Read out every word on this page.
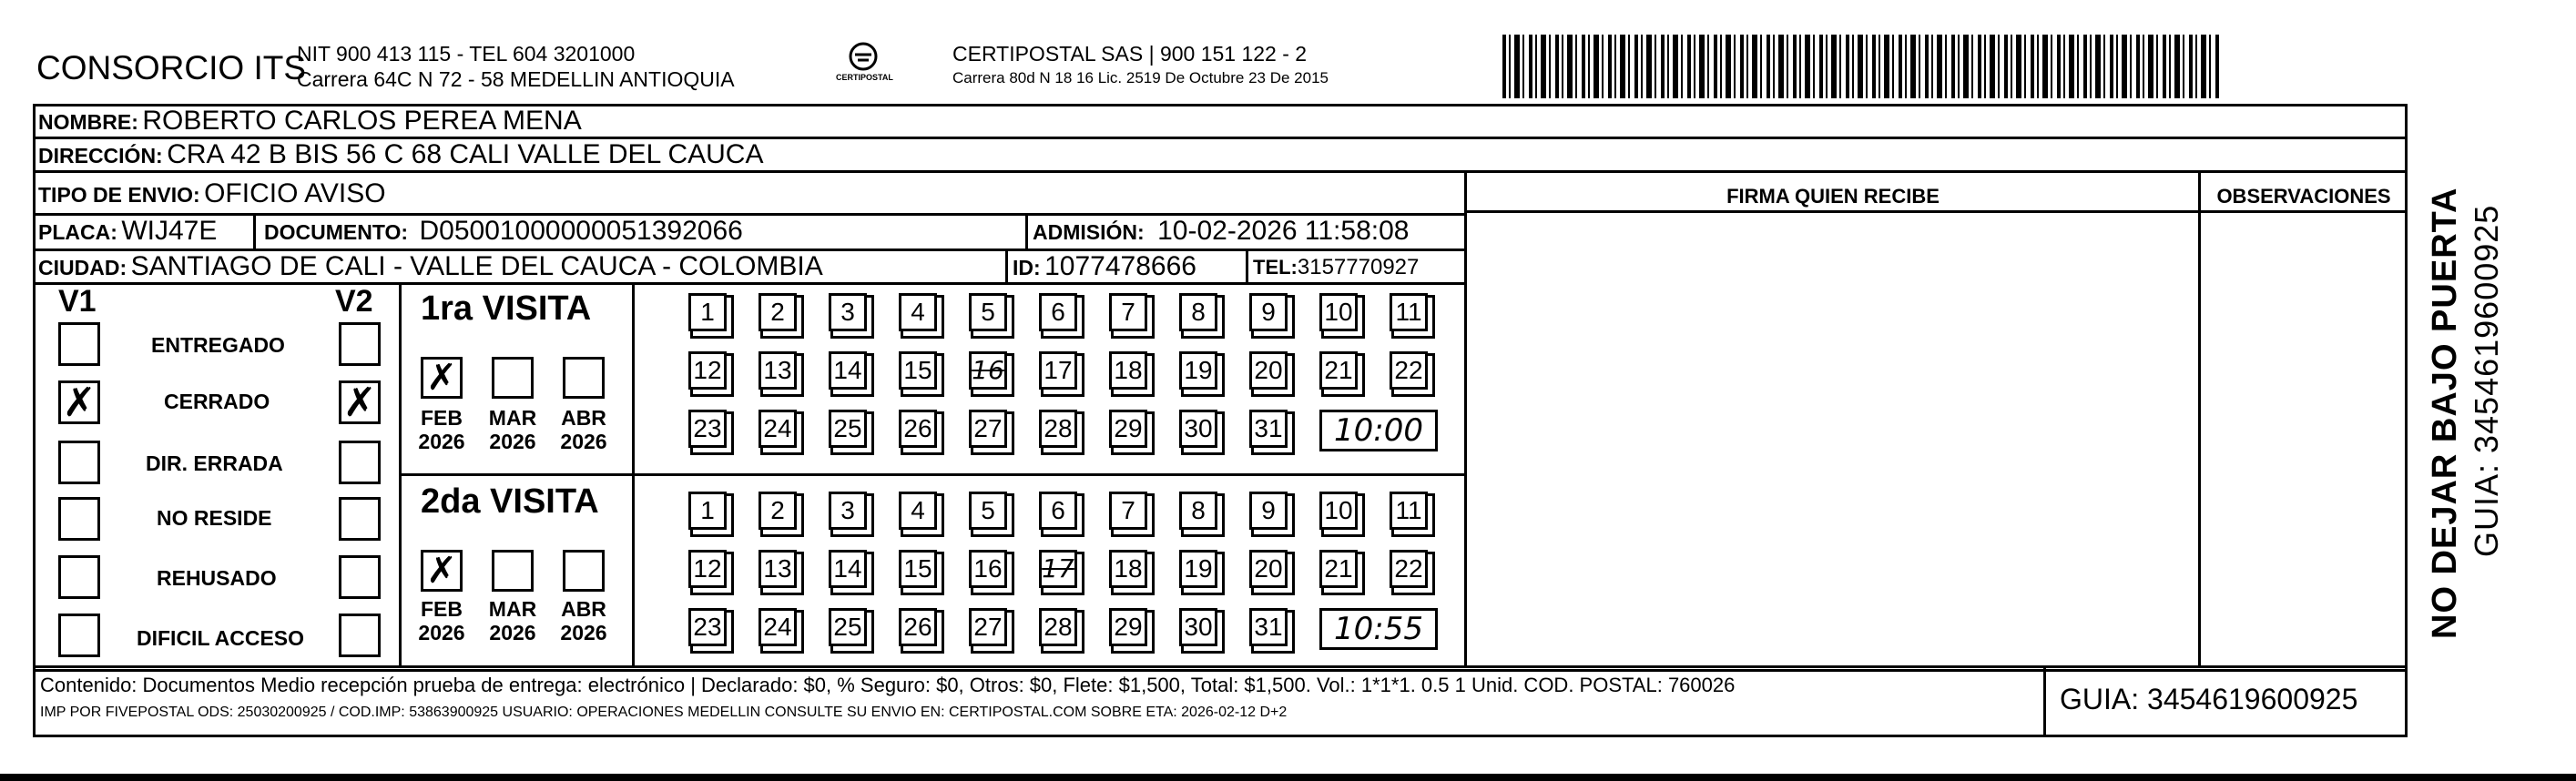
CONSORCIO ITS
NIT 900 413 115 - TEL 604 3201000
Carrera 64C N 72 - 58 MEDELLIN ANTIOQUIA	CERTIPOSTAL
CERTIPOSTAL SAS | 900 151 122 - 2
Carrera 80d N 18 16 Lic. 2519 De Octubre 23 De 2015
NOMBRE: ROBERTO CARLOS PEREA MENA
DIRECCIÓN: CRA 42 B BIS 56 C 68 CALI VALLE DEL CAUCA
TIPO DE ENVIO: OFICIO AVISO	FIRMA QUIEN RECIBE	OBSERVACIONES
PLACA: WIJ47E DOCUMENTO: D05001000000051392066	ADMISIÓN: 10-02-2026 11:58:08
CIUDAD: SANTIAGO DE CALI - VALLE DEL CAUCA - COLOMBIA	ID: 1077478666	TEL:3157770927
V1	V2
ENTREGADO
✗	CERRADO ✗
DIR. ERRADA
NO RESIDE
REHUSADO
DIFICIL ACCESO
1ra VISITA
✗
FEB
2026
MAR
2026
ABR
2026
1	2	3	4	5	6	7	8	9	10 11
12 13 14 15 16 17 18 19 20 21 22
23 24 25 26 27 28 29 30 31	10:00
2da VISITA
✗
FEB
2026
MAR
2026
ABR
2026
1	2	3	4	5	6	7	8	9	10 11
12 13 14 15 16 17 18 19 20 21 22
23 24 25 26 27 28 29 30 31	10:55
Contenido: Documentos Medio recepción prueba de entrega: electrónico | Declarado: $0, % Seguro: $0, Otros: $0, Flete: $1,500, Total: $1,500. Vol.: 1*1*1. 0.5 1 Unid. COD. POSTAL: 760026
IMP POR FIVEPOSTAL ODS: 25030200925 / COD.IMP: 53863900925 USUARIO: OPERACIONES MEDELLIN CONSULTE SU ENVIO EN: CERTIPOSTAL.COM SOBRE ETA: 2026-02-12 D+2	GUIA: 3454619600925
NO DEJAR BAJO PUERTA GUIA: 3454619600925
